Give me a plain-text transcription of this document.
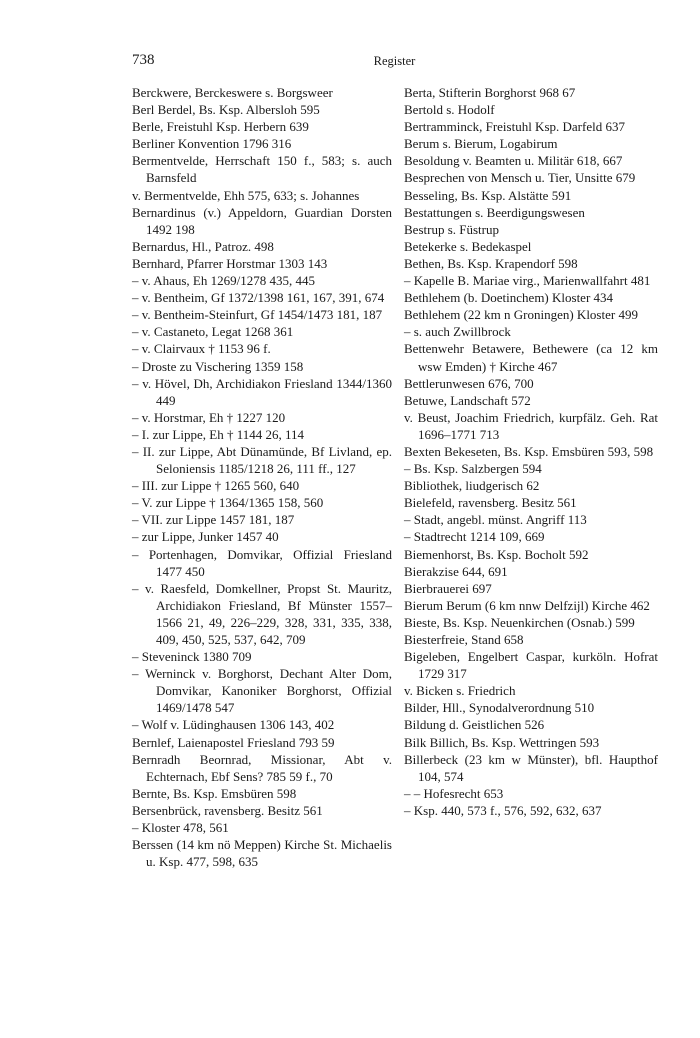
738	Register

Berckwere, Berckeswere s. Borgsweer

Berl Berdel, Bs. Ksp. Albersloh 595

Berle, Freistuhl Ksp. Herbern 639

Berliner Konvention 1796 316

Bermentvelde, Herrschaft 150 f., 583; s. auch Barnsfeld

v. Bermentvelde, Ehh 575, 633; s. Johannes

Bernardinus (v.) Appeldorn, Guardian Dorsten 1492 198

Bernardus, Hl., Patroz. 498

Bernhard, Pfarrer Horstmar 1303 143

– v. Ahaus, Eh 1269/1278 435, 445

– v. Bentheim, Gf 1372/1398 161, 167, 391, 674

– v. Bentheim-Steinfurt, Gf 1454/1473 181, 187

– v. Castaneto, Legat 1268 361

– v. Clairvaux † 1153 96 f.

– Droste zu Vischering 1359 158

– v. Hövel, Dh, Archidiakon Friesland 1344/1360 449

– v. Horstmar, Eh † 1227 120

– I. zur Lippe, Eh † 1144 26, 114

– II. zur Lippe, Abt Dünamünde, Bf Livland, ep. Seloniensis 1185/1218 26, 111 ff., 127

– III. zur Lippe † 1265 560, 640

– V. zur Lippe † 1364/1365 158, 560

– VII. zur Lippe 1457 181, 187

– zur Lippe, Junker 1457 40

– Portenhagen, Domvikar, Offizial Friesland 1477 450

– v. Raesfeld, Domkellner, Propst St. Mauritz, Archidiakon Friesland, Bf Münster 1557–1566 21, 49, 226–229, 328, 331, 335, 338, 409, 450, 525, 537, 642, 709

– Steveninck 1380 709

– Werninck v. Borghorst, Dechant Alter Dom, Domvikar, Kanoniker Borghorst, Offizial 1469/1478 547

– Wolf v. Lüdinghausen 1306 143, 402

Bernlef, Laienapostel Friesland 793 59

Bernradh Beornrad, Missionar, Abt v. Echternach, Ebf Sens? 785 59 f., 70

Bernte, Bs. Ksp. Emsbüren 598

Bersenbrück, ravensberg. Besitz 561

– Kloster 478, 561

Berssen (14 km nö Meppen) Kirche St. Michaelis u. Ksp. 477, 598, 635

Berta, Stifterin Borghorst 968 67

Bertold s. Hodolf

Bertramminck, Freistuhl Ksp. Darfeld 637

Berum s. Bierum, Logabirum

Besoldung v. Beamten u. Militär 618, 667

Besprechen von Mensch u. Tier, Unsitte 679

Besseling, Bs. Ksp. Alstätte 591

Bestattungen s. Beerdigungswesen

Bestrup s. Füstrup

Betekerke s. Bedekaspel

Bethen, Bs. Ksp. Krapendorf 598

– Kapelle B. Mariae virg., Marienwallfahrt 481

Bethlehem (b. Doetinchem) Kloster 434

Bethlehem (22 km n Groningen) Kloster 499

– s. auch Zwillbrock

Bettenwehr Betawere, Bethewere (ca 12 km wsw Emden) † Kirche 467

Bettlerunwesen 676, 700

Betuwe, Landschaft 572

v. Beust, Joachim Friedrich, kurpfälz. Geh. Rat 1696–1771 713

Bexten Bekeseten, Bs. Ksp. Emsbüren 593, 598

– Bs. Ksp. Salzbergen 594

Bibliothek, liudgerisch 62

Bielefeld, ravensberg. Besitz 561

– Stadt, angebl. münst. Angriff 113

– Stadtrecht 1214 109, 669

Biemenhorst, Bs. Ksp. Bocholt 592

Bierakzise 644, 691

Bierbrauerei 697

Bierum Berum (6 km nnw Delfzijl) Kirche 462

Bieste, Bs. Ksp. Neuenkirchen (Osnab.) 599

Biesterfreie, Stand 658

Bigeleben, Engelbert Caspar, kurköln. Hofrat 1729 317

v. Bicken s. Friedrich

Bilder, Hll., Synodalverordnung 510

Bildung d. Geistlichen 526

Bilk Billich, Bs. Ksp. Wettringen 593

Billerbeck (23 km w Münster), bfl. Haupthof 104, 574

– – Hofesrecht 653

– Ksp. 440, 573 f., 576, 592, 632, 637
